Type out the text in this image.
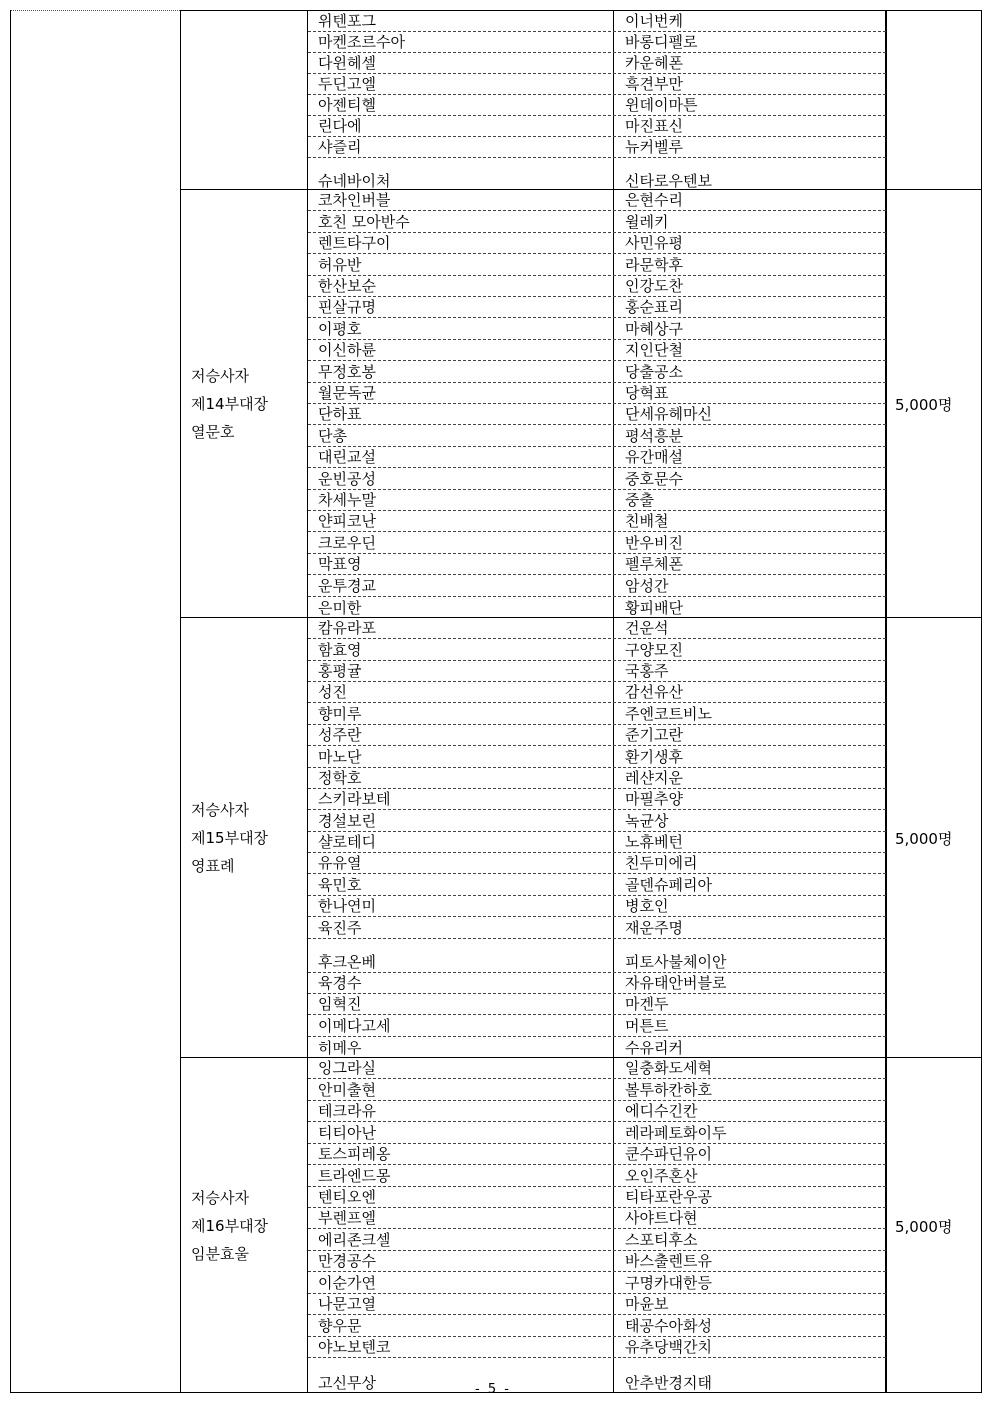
위텐포그	이너번케
마켄조르수아	바롱디펠로
다윈헤셀	카운헤폰
두딘고엘	흑견부만
아젠티헬	윈데이마튼
린다에	마진표신
샤즐리	뉴커벨루
슈네바이처	신타로우텐보
저승사자
제14부대장
열문호
코차인버블	은현수리
호친 모아반수	윌레키
렌트타구이	사민유평
허유반	라문학후
한산보순	인강도찬
핀살규명	홍순표리
이평호	마혜상구
이신하륜	지인단철
무정호봉	당출공소
월문독균	당혁표
단하표	단세유헤마신
단총	평석흥분
대린교설	유간매설
운빈공성	중호문수
차세누말	중출
얀피코난	친배철
크로우딘	반우비진
막표영	펠루체폰
운투경교	암성간
은미한	황피배단
5,000명
저승사자
제15부대장
영표례
캄유라포	건운석
함효영	구양모진
홍평귤	국홍주
성진	감선유산
향미루	주엔코트비노
성주란	준기고란
마노단	환기생후
정학호	레샨지운
스키라보테	마필추양
경설보린	녹균상
샬로테디	노휴베턴
유유열	친두미에리
육민호	골덴슈페리아
한나연미	병호인
육진주	재운주명
후크온베	피토사불체이안
육경수	자유태안버블로
임혁진	마겐두
이메다고세	머튼트
히메우	수유리커
5,000명
저승사자
제16부대장
임분효울
잉그라실	일충화도세혁
안미출현	볼투하칸하호
테크라유	에디수긴칸
티티아난	레라페토화이두
토스피레옹	쿤수파딘유이
트라엔드몽	오인주혼산
텐티오엔	티타포란우공
부렌프엘	사야트다현
에리존크셀	스포티후소
만경공수	바스출렌트유
이순가연	구명카대한등
나문고열	마윤보
향우문	태공수아화성
야노보텐코	유추당백간치
고신무상	안추반경지태
5,000명
- 5 -
